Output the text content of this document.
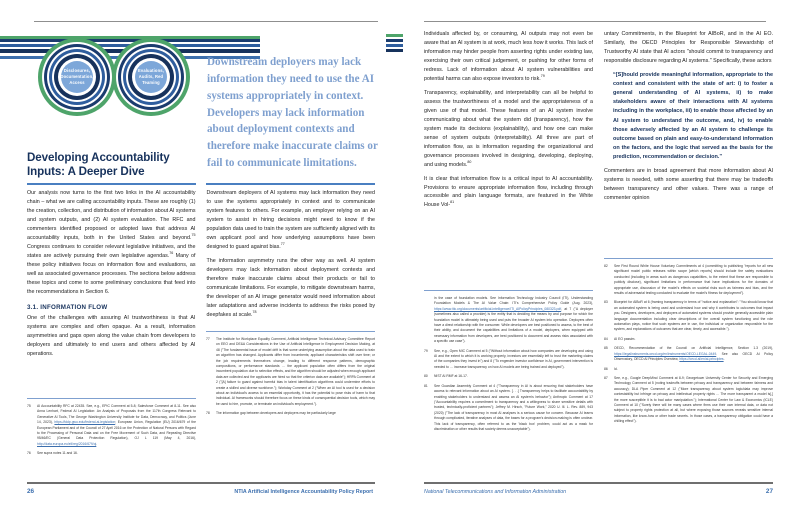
Disclosures, Documentation, Access
Evaluations, Audits, Red Teaming
Downstream deployers may lack information they need to use the AI systems appropriately in context. Developers may lack information about deployment contexts and therefore make inaccurate claims or fail to communicate limitations.
Developing Accountability Inputs: A Deeper Dive

Our analysis now turns to the first two links in the AI accountability chain – what we are calling accountability inputs. These are roughly (1) the creation, collection, and distribution of information about AI systems and system outputs, and (2) AI system evaluation. The RFC and commenters identified proposed or adopted laws that address AI accountability inputs, both in the United States and beyond.$^{75}$ Congress continues to consider relevant legislative initiatives, and the states are actively pursuing their own legislative agendas.$^{76}$ Many of these policy initiatives focus on information flow and evaluations, as well as associated governance processes. The sections below address these topics and come to some preliminary conclusions that feed into the recommendations in Section 6.

3.1. INFORMATION FLOW

One of the challenges with assuring AI trustworthiness is that AI systems are complex and often opaque. As a result, information asymmetries and gaps open along the value chain from developers to deployers and ultimately to end users and others affected by AI operations.

Downstream deployers of AI systems may lack information they need to use the systems appropriately in context and to communicate system features to others. For example, an employer relying on an AI system to assist in hiring decisions might need to know if the population data used to train the system are sufficiently aligned with its own applicant pool and how underlying assumptions have been designed to guard against bias.$^{77}$

The information asymmetry runs the other way as well. AI system developers may lack information about deployment contexts and therefore make inaccurate claims about their products or fail to communicate limitations. For example, to mitigate downstream harms, the developer of an AI image generator would need information about later adaptations and adverse incidents to address the risks posed by deepfakes at scale.$^{78}$

75	AI Accountability RFC at 22435. See, e.g., EPIC Comment at 5-8; Salesforce Comment at 8-11. See also Anna Lenhart, Federal AI Legislation: An Analysis of Proposals from the 117th Congress Relevant to Generative AI Tools, The George Washington University Institute for Data, Democracy, and Politics (June 14, 2023), https://iddp.gwu.edu/federal-ai-legislation; European Union, Regulation (EU) 2016/679 of the European Parliament and of the Council of 27 April 2016 on the Protection of Natural Persons with Regard to the Processing of Personal Data and on the Free Movement of Such Data, and Repealing Directive 95/46/EC (General Data Protection Regulation), OJ L 119 (May 4, 2016), http://data.europa.eu/eli/reg/2016/679/oj.
76	See supra notes 11 and 16.
77	The Institute for Workplace Equality Comment, Artificial Intelligence Technical Advisory Committee Report on EEO and DE&A Considerations in the Use of Artificial Intelligence in Employment Decision Making, at 48 ("The fundamental issue of model drift is that some underlying assumption about the data used to train an algorithm has changed. Applicants differ from incumbents; applicant characteristics shift over time; or the job requirements themselves change, leading to different response patterns, demographic compositions, or performance standards … the applicant population often differs from the original incumbent population due to selection effects, and the algorithm should be adjusted when enough applicant data are collected and the applicants are hired so that the criterion data are available"); HRPA Comment at 2 ("[A] failure to guard against harmful bias in talent identification algorithms could undermine efforts to create a skilled and diverse workforce."); Workday Comment at 2 ("When an AI tool is used for a decision about an individual's access to an essential opportunity, it has the potential to pose risks of harm to that individual. AI frameworks should therefore focus on these kinds of consequential decision tools, which may be used to hire, promote, or terminate an individual's employment.").
78	The information gap between developers and deployers may be particularly large
26	NTIA Artificial Intelligence Accountability Policy Report

Individuals affected by, or consuming, AI outputs may not even be aware that an AI system is at work, much less how it works. This lack of information may hinder people from asserting rights under existing law, exercising their own critical judgement, or pushing for other forms of redress. Lack of information about AI system vulnerabilities and potential harms can also expose investors to risk.$^{79}$

Transparency, explainability, and interpretability can all be helpful to assess the trustworthiness of a model and the appropriateness of a given use of that model. These features of an AI system involve communicating about what the system did (transparency), how the system made its decisions (explainability), and how one can make sense of system outputs (interpretability). All three are part of information flow, as is information regarding the organizational and governance processes involved in designing, developing, deploying, and using models.$^{80}$

It is clear that information flow is a critical input to AI accountability. Provisions to ensure appropriate information flow, including through accessible and plain language formats, are featured in the White House Vol-$^{81}$

untary Commitments, in the Blueprint for AIBoR, and in the AI EO. Similarly, the OECD Principles for Responsible Stewardship of Trustworthy AI state that AI actors "should commit to transparency and responsible disclosure regarding AI systems." Specifically, these actors

“[S]hould provide meaningful information, appropriate to the context and consistent with the state of art: i) to foster a general understanding of AI systems, ii) to make stakeholders aware of their interactions with AI systems including in the workplace, iii) to enable those affected by an AI system to understand the outcome, and, iv) to enable those adversely affected by an AI system to challenge its outcome based on plain and easy-to-understand information on the factors, and the logic that served as the basis for the prediction, recommendation or decision.”

Commenters are in broad agreement that more information about AI systems is needed, with some asserting that there may be tradeoffs between transparency and other values. There was a range of commenter opinion

in the case of foundation models. See Information Technology Industry Council (ITI), Understanding Foundation Models & The AI Value Chain: ITI's Comprehensive Policy Guide (Aug. 2023), https://www.itic.org/documents/artificial-intelligence/ITI_AIPolicyPrinciples_080323.pdf, at 7 ("A deployer (sometimes also called a provider) is the entity that is deciding the means by and purpose for which the foundation model is ultimately being used and puts the broader AI system into operation. Deployers often have a direct relationship with the consumer. While developers are best positioned to assess, to the best of their ability, and document the capabilities and limitations of a model, deployers, when equipped with necessary information from developers, are best positioned to document and assess risks associated with a specific use case").
79	See, e.g., Open MIC Comment at 5 ("Without information about how companies are developing and using AI and the extent to which it is working properly, investors are essentially left to trust the marketing claims of the companies they invest in") and 8 ("To engender investor confidence in AI, government intervention is needed to … increase transparency on how AI models are being trained and deployed").
80	NIST AI RMF at 16-17.
81	See Guardian Assembly Comment at 4 ("Transparency in AI is about ensuring that stakeholders have access to relevant information about an AI system. [. . .] Transparency helps to facilitate accountability by enabling stakeholders to understand and assess an AI system's behavior"); Anthropic Comment at 17 ("Accountability requires a commitment to transparency and a willingness to share sensitive details with trusted, technically-proficient partners"); Jeffrey M. Hirsch, "Future Work," 2020 U. Ill. L. Rev. 889, 943 (2020) ("The lack of transparency in most AI analyses is a serious cause for concern. Because AI learns through complicated, iterative analyses of data, the bases for a program's decision-making is often unclear. This lack of transparency, often referred to as the 'black box' problem, could act as a mask for discrimination or other results that society deems unacceptable").
82	See First Round White House Voluntary Commitments at 4 (committing to publishing "reports for all new significant model public releases within scope [which reports] should include the safety evaluations conducted (including in areas such as dangerous capabilities, to the extent that these are responsible to publicly disclose), significant limitations in performance that have implications for the domains of appropriate use, discussion of the model's effects on societal risks such as fairness and bias, and the results of adversarial testing conducted to evaluate the model's fitness for deployment").
83	Blueprint for AIBoR at 6 (framing transparency in terms of "notice and explanation": "You should know that an automated system is being used and understand how and why it contributes to outcomes that impact you. Designers, developers, and deployers of automated systems should provide generally accessible plain language documentation including clear descriptions of the overall system functioning and the role automation plays, notice that such systems are in use, the individual or organization responsible for the system, and explanations of outcomes that are clear, timely, and accessible.").
84	AI EO passim.
85	OECD, Recommendation of the Council on Artificial Intelligence, Section 1.3 (2019), https://legalinstruments.oecd.org/en/instruments/OECD-LEGAL-0449. See also OECD AI Policy Observatory, OECD AI Principles Overview, https://oecd.ai/en/ai-principles.
86	Id.
87	See, e.g., Google DeepMind Comment at 8-9; Georgetown University Center for Security and Emerging Technology Comment at 5 (noting tradeoffs between privacy and transparency and between fairness and accuracy); DLA Piper Comment at 12 ("More transparency about system logic/data may improve contestability but infringe on privacy and intellectual property rights … The more transparent a model is[,] the more susceptible it is to bad actor manipulation."); International Center for Law & Economics (ICLE) Comment at 10 ("Surely there will be many cases where firms use their own internal data, or data not subject to property rights protection at all, but where exposing those sources reveals sensitive internal information, like know-how or other trade secrets. In those cases, a transparency obligation could have a chilling effect").
27
National Telecommunications and Information Administration
